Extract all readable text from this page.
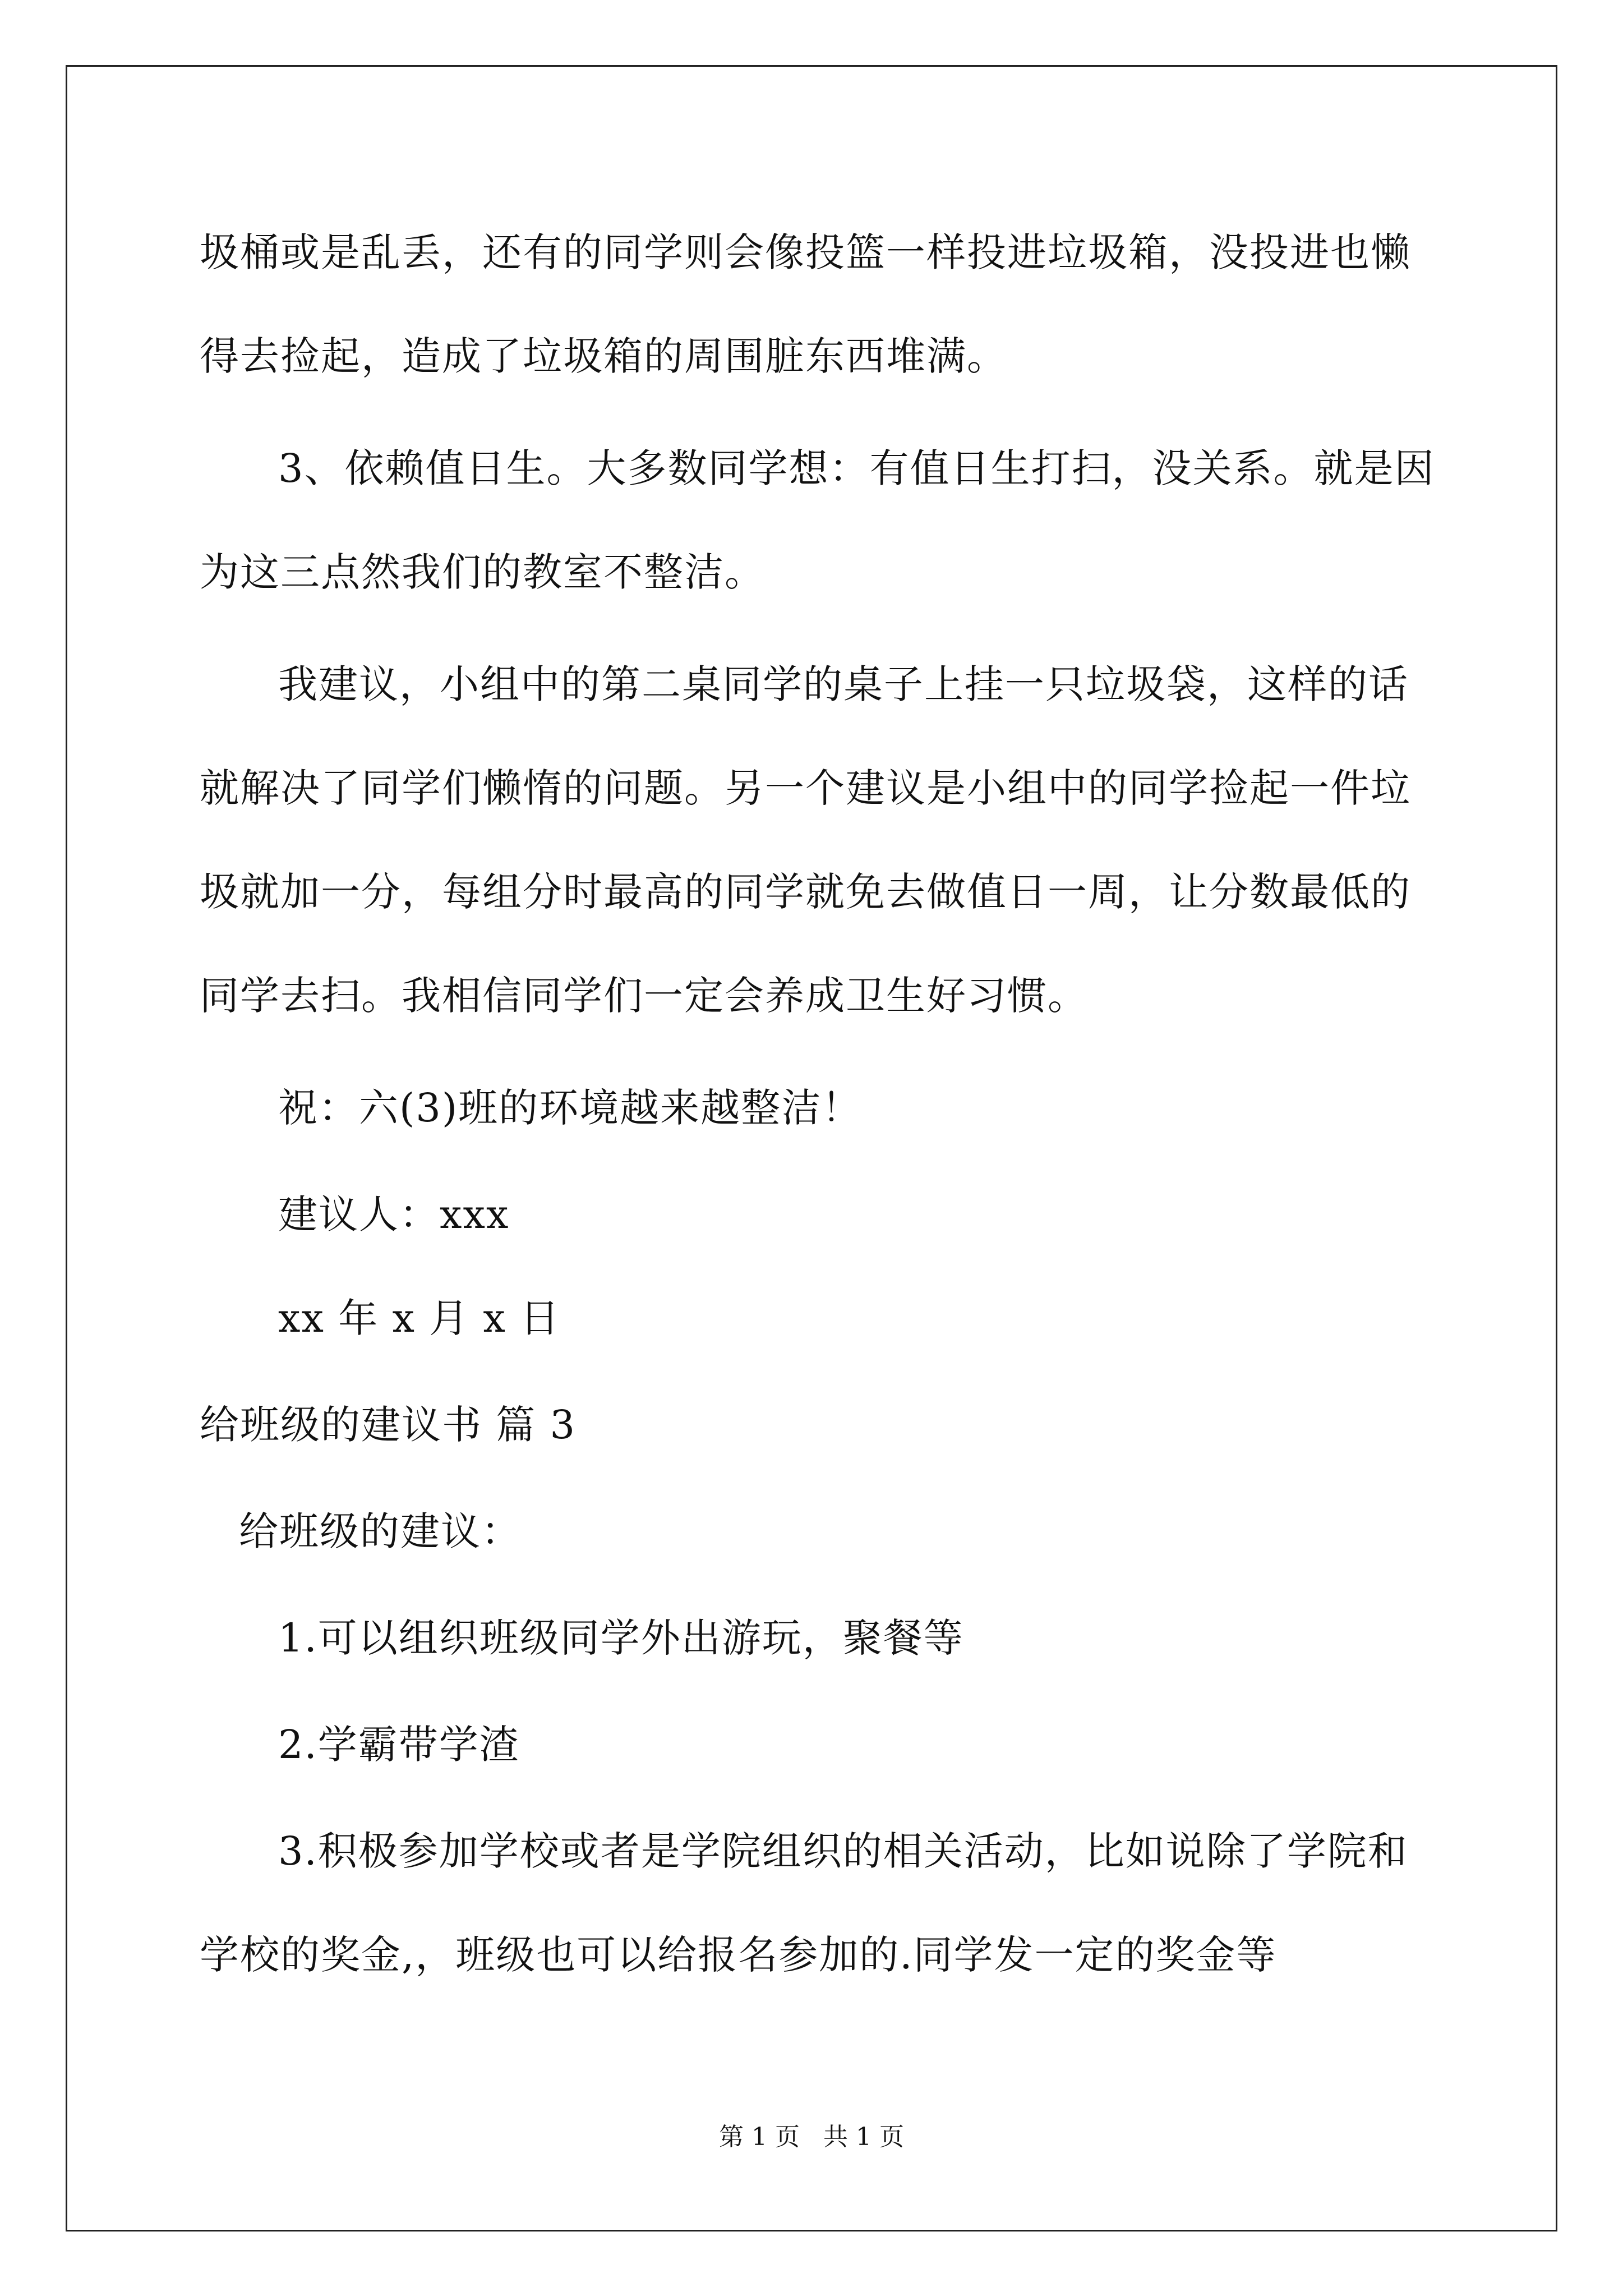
圾桶或是乱丢，还有的同学则会像投篮一样投进垃圾箱，没投进也懒
得去捡起，造成了垃圾箱的周围脏东西堆满。
3、依赖值日生。大多数同学想：有值日生打扫，没关系。就是因
为这三点然我们的教室不整洁。
我建议，小组中的第二桌同学的桌子上挂一只垃圾袋，这样的话
就解决了同学们懒惰的问题。另一个建议是小组中的同学捡起一件垃
圾就加一分，每组分时最高的同学就免去做值日一周，让分数最低的
同学去扫。我相信同学们一定会养成卫生好习惯。
祝：六(3)班的环境越来越整洁！
建议人：xxx
xx 年 x 月 x 日
给班级的建议书 篇 3
给班级的建议：
1.可以组织班级同学外出游玩，聚餐等
2.学霸带学渣
3.积极参加学校或者是学院组织的相关活动，比如说除了学院和
学校的奖金,，班级也可以给报名参加的.同学发一定的奖金等
第 1 页   共 1 页
